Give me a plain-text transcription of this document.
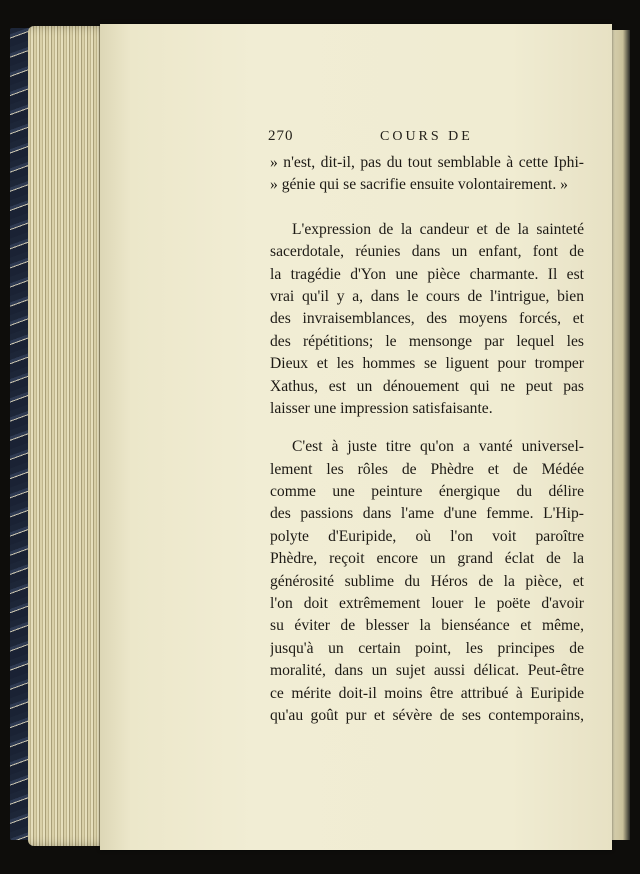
270	COURS DE
» n'est, dit-il, pas du tout semblable à cette Iphi-
» génie qui se sacrifie ensuite volontairement. »
L'expression de la candeur et de la sainteté
sacerdotale, réunies dans un enfant, font de
la tragédie d'Yon une pièce charmante. Il est
vrai qu'il y a, dans le cours de l'intrigue, bien
des invraisemblances, des moyens forcés, et
des répétitions; le mensonge par lequel les
Dieux et les hommes se liguent pour tromper
Xathus, est un dénouement qui ne peut pas
laisser une impression satisfaisante.
C'est à juste titre qu'on a vanté universel-
lement les rôles de Phèdre et de Médée
comme une peinture énergique du délire
des passions dans l'ame d'une femme. L'Hip-
polyte d'Euripide, où l'on voit paroître
Phèdre, reçoit encore un grand éclat de la
générosité sublime du Héros de la pièce, et
l'on doit extrêmement louer le poëte d'avoir
su éviter de blesser la bienséance et même,
jusqu'à un certain point, les principes de
moralité, dans un sujet aussi délicat. Peut-être
ce mérite doit-il moins être attribué à Euripide
qu'au goût pur et sévère de ses contemporains,
